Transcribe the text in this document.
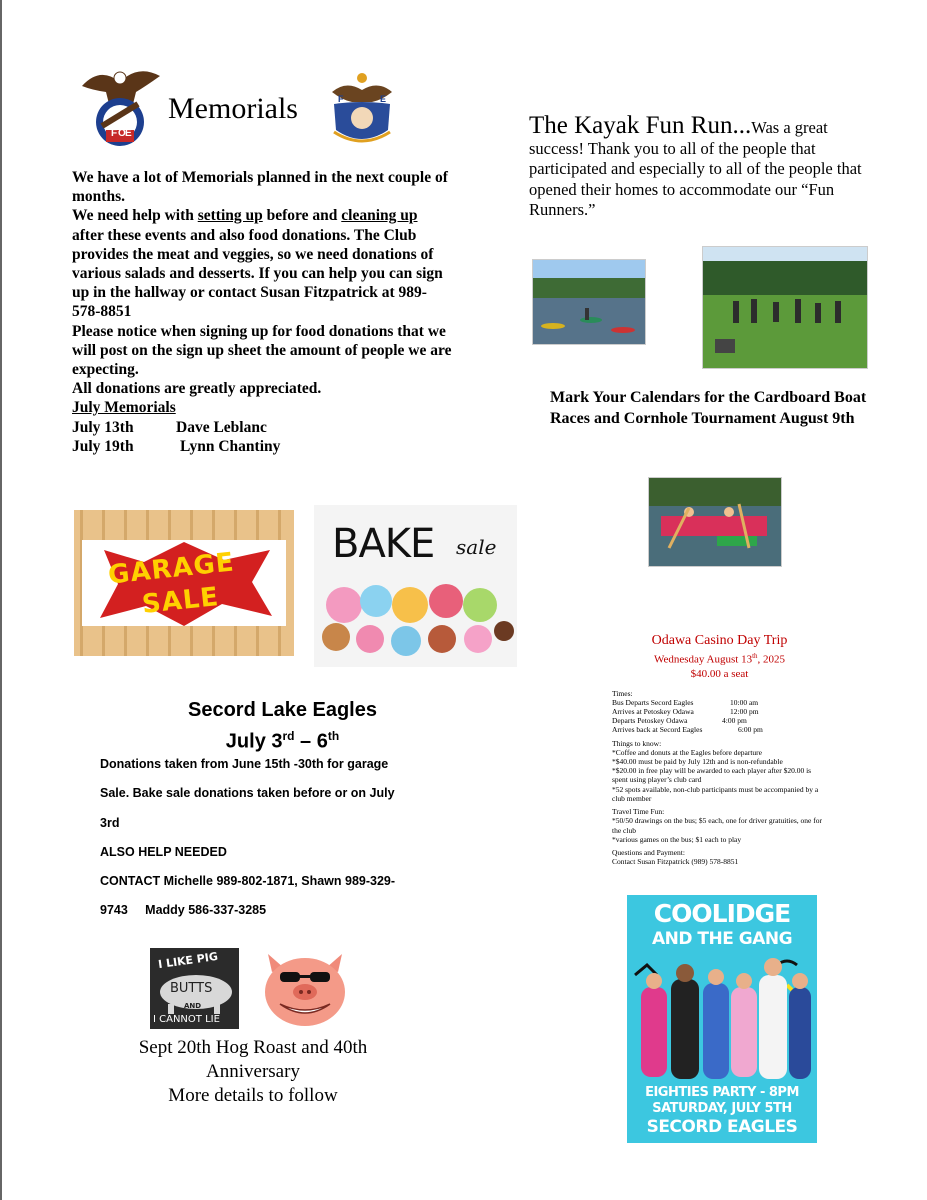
F O E
Memorials	F	E

We have a lot of Memorials planned in the next couple of months.

We need help with setting up before and cleaning up after these events and also food donations. The Club provides the meat and veggies, so we need donations of various salads and desserts. If you can help you can sign up in the hallway or contact Susan Fitzpatrick at 989-578-8851

Please notice when signing up for food donations that we will post on the sign up sheet the amount of people we are expecting.

All donations are greatly appreciated.

July Memorials

July 13th	Dave Leblanc
July 19th	Lynn Chantiny
The Kayak Fun Run...Was a great success! Thank you to all of the people that participated and especially to all of the people that opened their homes to accommodate our “Fun Runners.”
Mark Your Calendars for the Cardboard Boat Races and Cornhole Tournament August 9th
GARAGE
SALE
BAKE sale
Odawa Casino Day Trip
Wednesday August 13th, 2025
$40.00 a seat
Times:
Bus Departs Secord Eagles	10:00 am
Arrives at Petoskey Odawa	12:00 pm
Departs Petoskey Odawa	4:00 pm
Arrives back at Secord Eagles	6:00 pm
Things to know:
*Coffee and donuts at the Eagles before departure
*$40.00 must be paid by July 12th and is non-refundable
*$20.00 in free play will be awarded to each player after $20.00 is spent using player’s club card
*52 spots available, non-club participants must be accompanied by a club member
Travel Time Fun:
*50/50 drawings on the bus; $5 each, one for driver gratuities, one for the club
*various games on the bus; $1 each to play
Questions and Payment:
Contact Susan Fitzpatrick (989) 578-8851
Secord Lake Eagles
July 3rd – 6th

Donations taken from June 15th -30th for garage

Sale. Bake sale donations taken before or on July

3rd

ALSO HELP NEEDED

CONTACT Michelle 989-802-1871, Shawn 989-329-

9743     Maddy 586-337-3285

I LIKE PIG
BUTTS
AND
I CANNOT LIE
Sept 20th Hog Roast and 40th
Anniversary
More details to follow
COOLIDGE
AND THE GANG
EIGHTIES PARTY - 8PM
SATURDAY, JULY 5TH
SECORD EAGLES
